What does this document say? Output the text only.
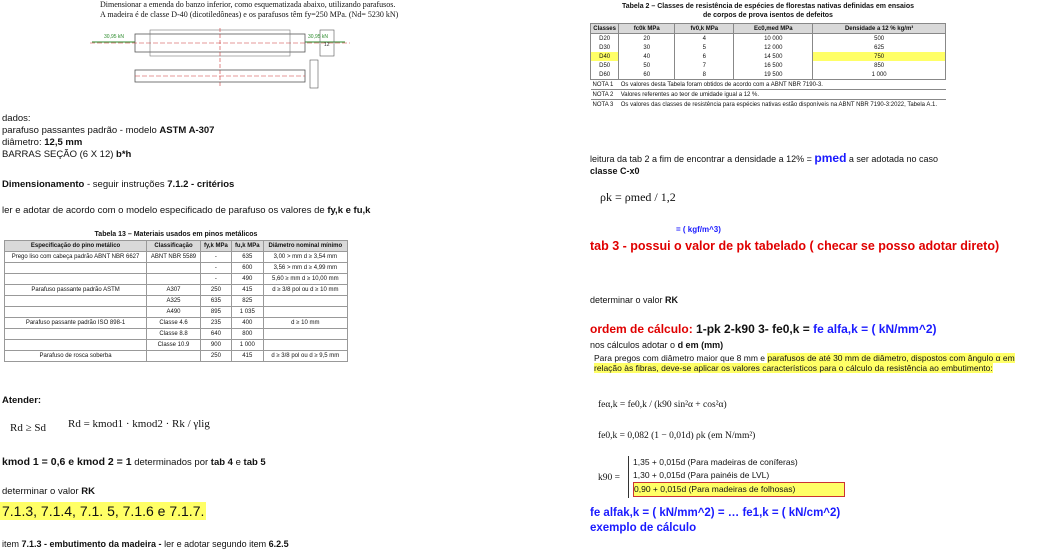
Dimensionar a emenda do banzo inferior, como esquematizada abaixo, utilizando parafusos.
A madeira é de classe D-40 (dicotiledôneas) e os parafusos têm fy=250 MPa. (Nd= 5230 kN)
30,95 kN	30,95 kN
12
dados:
parafuso passantes padrão - modelo ASTM A-307
diâmetro: 12,5 mm
BARRAS SEÇÃO (6 X 12) b*h
Dimensionamento - seguir instruções 7.1.2 - critérios
ler e adotar de acordo com o modelo especificado de parafuso os valores de fy,k e fu,k
Tabela 13 – Materiais usados em pinos metálicos
Especificação do pino metálico	Classificação	fy,k MPa	fu,k MPa	Diâmetro nominal mínimo
Prego liso com cabeça padrão ABNT NBR 6627	ABNT NBR 5589	-	635	3,00 > mm d ≥ 3,54 mm
		-	600	3,56 > mm d ≥ 4,99 mm
		-	490	5,60 ≥ mm d ≥ 10,00 mm
Parafuso passante padrão ASTM	A307	250	415	d ≥ 3/8 pol ou d ≥ 10 mm
	A325	635	825	
	A490	895	1 035	
Parafuso passante padrão ISO 898-1	Classe 4.6	235	400	d ≥ 10 mm
	Classe 8.8	640	800	
	Classe 10.9	900	1 000	
Parafuso de rosca soberba		250	415	d ≥ 3/8 pol ou d ≥ 9,5 mm
Atender:
Rd ≥ Sd Rd = kmod1 · kmod2 · Rk / γlig
kmod 1 = 0,6 e kmod 2 = 1 determinados por tab 4 e tab 5
determinar o valor RK
7.1.3, 7.1.4, 7.1. 5, 7.1.6 e 7.1.7.
item 7.1.3 - embutimento da madeira - ler e adotar segundo item 6.2.5
Tabela 2 – Classes de resistência de espécies de florestas nativas definidas em ensaios
de corpos de prova isentos de defeitos
Classes	fc0k MPa	fv0,k MPa	Ec0,med MPa	Densidade a 12 % kg/m³
D20	20	4	10 000	500
D30	30	5	12 000	625
D40	40	6	14 500	750
D50	50	7	16 500	850
D60	60	8	19 500	1 000
NOTA 1	Os valores desta Tabela foram obtidos de acordo com a ABNT NBR 7190-3.			
NOTA 2	Valores referentes ao teor de umidade igual a 12 %.			
NOTA 3	Os valores das classes de resistência para espécies nativas estão disponíveis na ABNT NBR 7190-3:2022, Tabela A.1.			
leitura da tab 2 a fim de encontrar a densidade a 12% = pmed a ser adotada no caso
classe C-x0
ρk = ρmed / 1,2
= ( kgf/m^3)
tab 3 - possui o valor de pk tabelado ( checar se posso adotar direto)
determinar o valor RK
ordem de cálculo: 1-pk 2-k90 3- fe0,k = fe alfa,k = ( kN/mm^2)
nos cálculos adotar o d em (mm)
Para pregos com diâmetro maior que 8 mm e parafusos de até 30 mm de diâmetro, dispostos com ângulo α em relação às fibras, deve-se aplicar os valores característicos para o cálculo da resistência ao embutimento:
feα,k = fe0,k / (k90 sin²α + cos²α)
fe0,k = 0,082 (1 − 0,01d) ρk (em N/mm²)
k90 =
1,35 + 0,015d (Para madeiras de coníferas)
1,30 + 0,015d (Para painéis de LVL)
0,90 + 0,015d (Para madeiras de folhosas)
fe alfak,k = ( kN/mm^2) = … fe1,k = ( kN/cm^2)
exemplo de cálculo
